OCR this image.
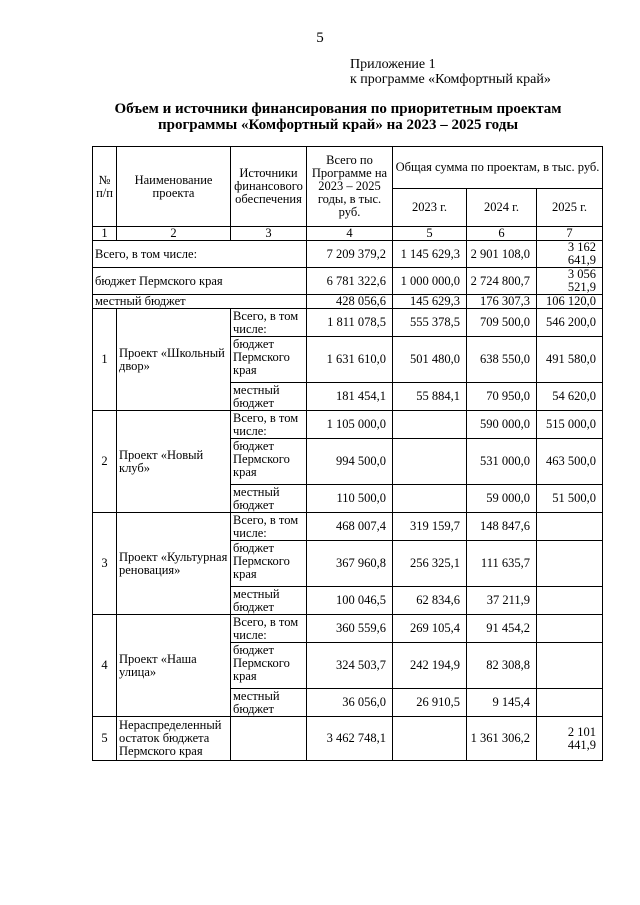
5
Приложение 1
к программе «Комфортный край»
Объем и источники финансирования по приоритетным проектам
программы «Комфортный край» на 2023 – 2025 годы
№ п/п	Наименование проекта	Источники финансового обеспечения	Всего по Программе на 2023 – 2025 годы, в тыс. руб.	Общая сумма по проектам, в тыс. руб.		
				2023 г.	2024 г.	2025 г.
1	2	3	4	5	6	7
Всего, в том числе:			7 209 379,2	1 145 629,3	2 901 108,0	3 162 641,9
бюджет Пермского края			6 781 322,6	1 000 000,0	2 724 800,7	3 056 521,9
местный бюджет			428 056,6	145 629,3	176 307,3	106 120,0
1	Проект «Школьный двор»	Всего, в том числе:	1 811 078,5	555 378,5	709 500,0	546 200,0
		бюджет Пермского края	1 631 610,0	501 480,0	638 550,0	491 580,0
		местный бюджет	181 454,1	55 884,1	70 950,0	54 620,0
2	Проект «Новый клуб»	Всего, в том числе:	1 105 000,0		590 000,0	515 000,0
		бюджет Пермского края	994 500,0		531 000,0	463 500,0
		местный бюджет	110 500,0		59 000,0	51 500,0
3	Проект «Культурная реновация»	Всего, в том числе:	468 007,4	319 159,7	148 847,6	
		бюджет Пермского края	367 960,8	256 325,1	111 635,7	
		местный бюджет	100 046,5	62 834,6	37 211,9	
4	Проект «Наша улица»	Всего, в том числе:	360 559,6	269 105,4	91 454,2	
		бюджет Пермского края	324 503,7	242 194,9	82 308,8	
		местный бюджет	36 056,0	26 910,5	9 145,4	
5	Нераспределенный остаток бюджета Пермского края		3 462 748,1		1 361 306,2	2 101 441,9
